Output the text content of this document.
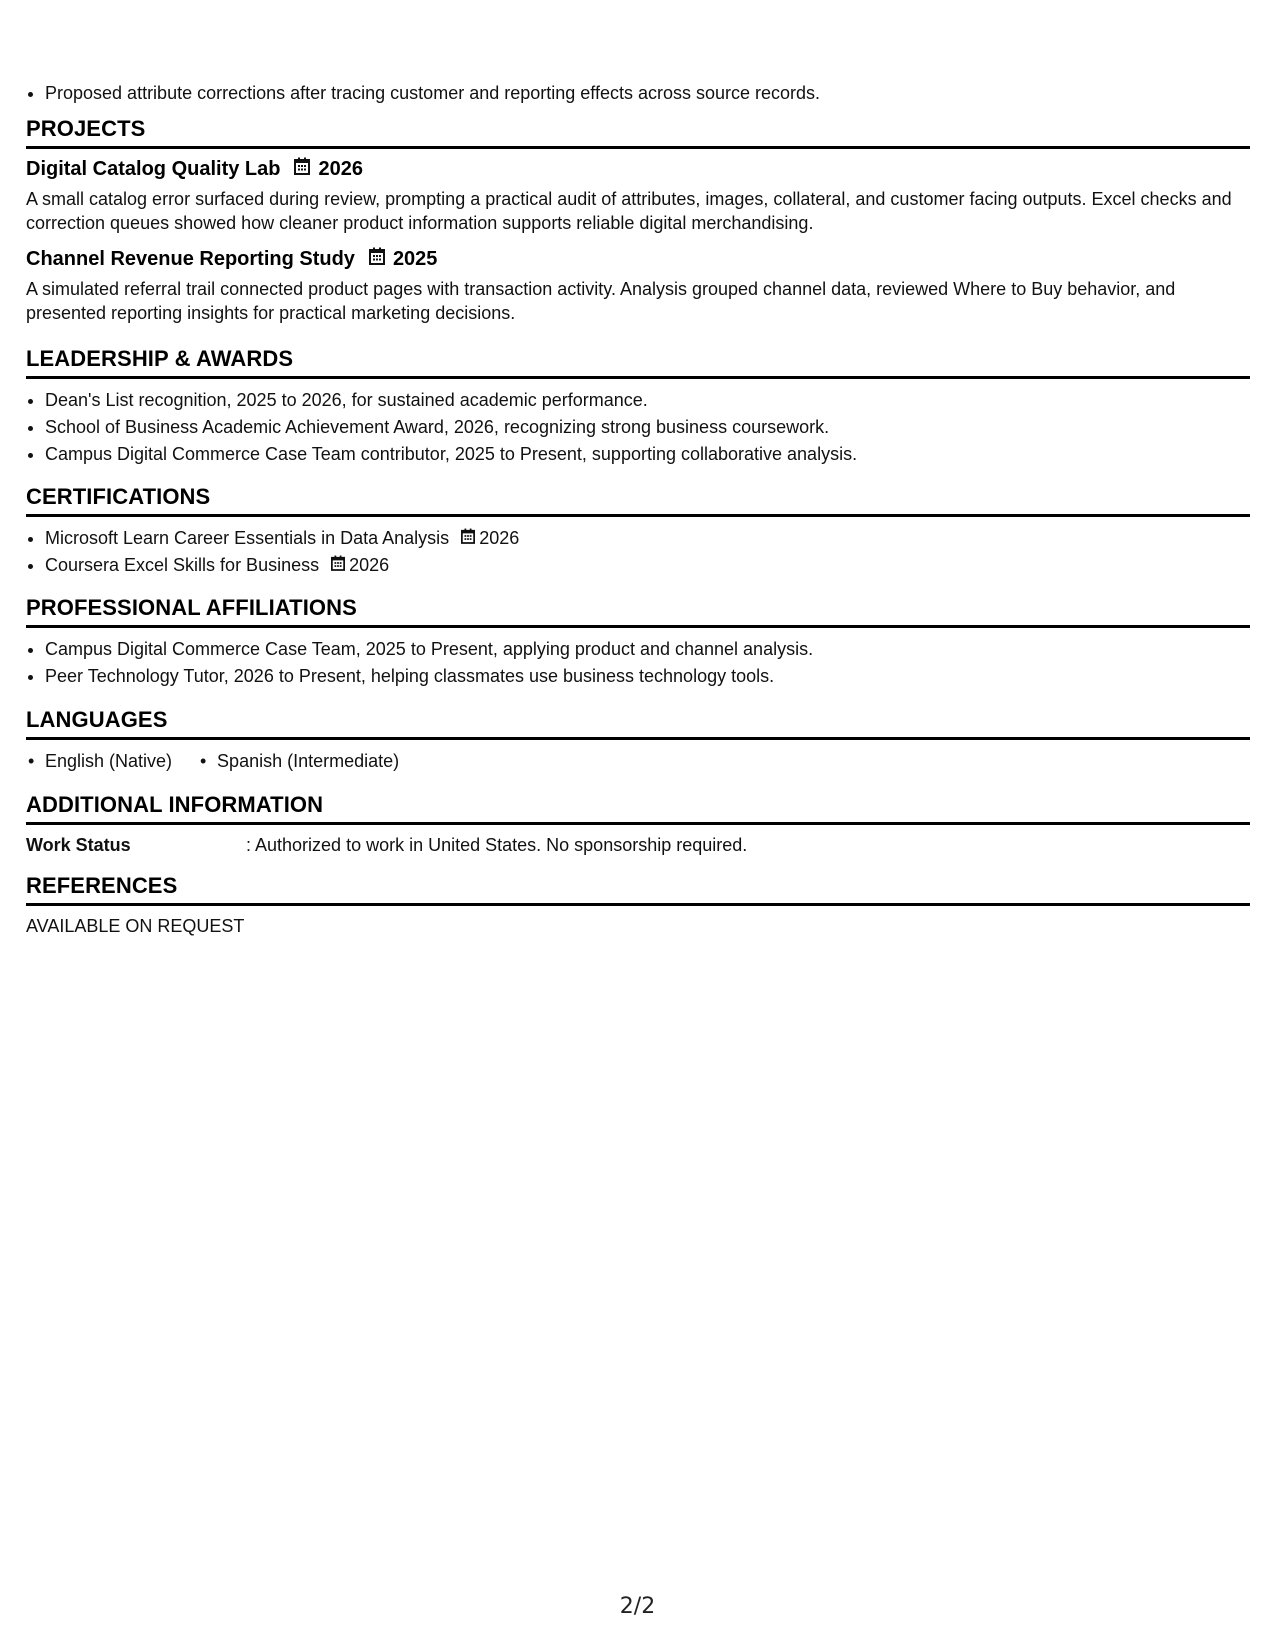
• Proposed attribute corrections after tracing customer and reporting effects across source records.
PROJECTS
Digital Catalog Quality Lab 2026
A small catalog error surfaced during review, prompting a practical audit of attributes, images, collateral, and customer facing outputs. Excel checks and correction queues showed how cleaner product information supports reliable digital merchandising.
Channel Revenue Reporting Study 2025
A simulated referral trail connected product pages with transaction activity. Analysis grouped channel data, reviewed Where to Buy behavior, and presented reporting insights for practical marketing decisions.
LEADERSHIP & AWARDS
• Dean's List recognition, 2025 to 2026, for sustained academic performance.
• School of Business Academic Achievement Award, 2026, recognizing strong business coursework.
• Campus Digital Commerce Case Team contributor, 2025 to Present, supporting collaborative analysis.
CERTIFICATIONS
• Microsoft Learn Career Essentials in Data Analysis 2026
• Coursera Excel Skills for Business 2026
PROFESSIONAL AFFILIATIONS
• Campus Digital Commerce Case Team, 2025 to Present, applying product and channel analysis.
• Peer Technology Tutor, 2026 to Present, helping classmates use business technology tools.
LANGUAGES
• English (Native)
•	Spanish (Intermediate)
ADDITIONAL INFORMATION
Work Status	: Authorized to work in United States. No sponsorship required.
REFERENCES
AVAILABLE ON REQUEST
2/2
